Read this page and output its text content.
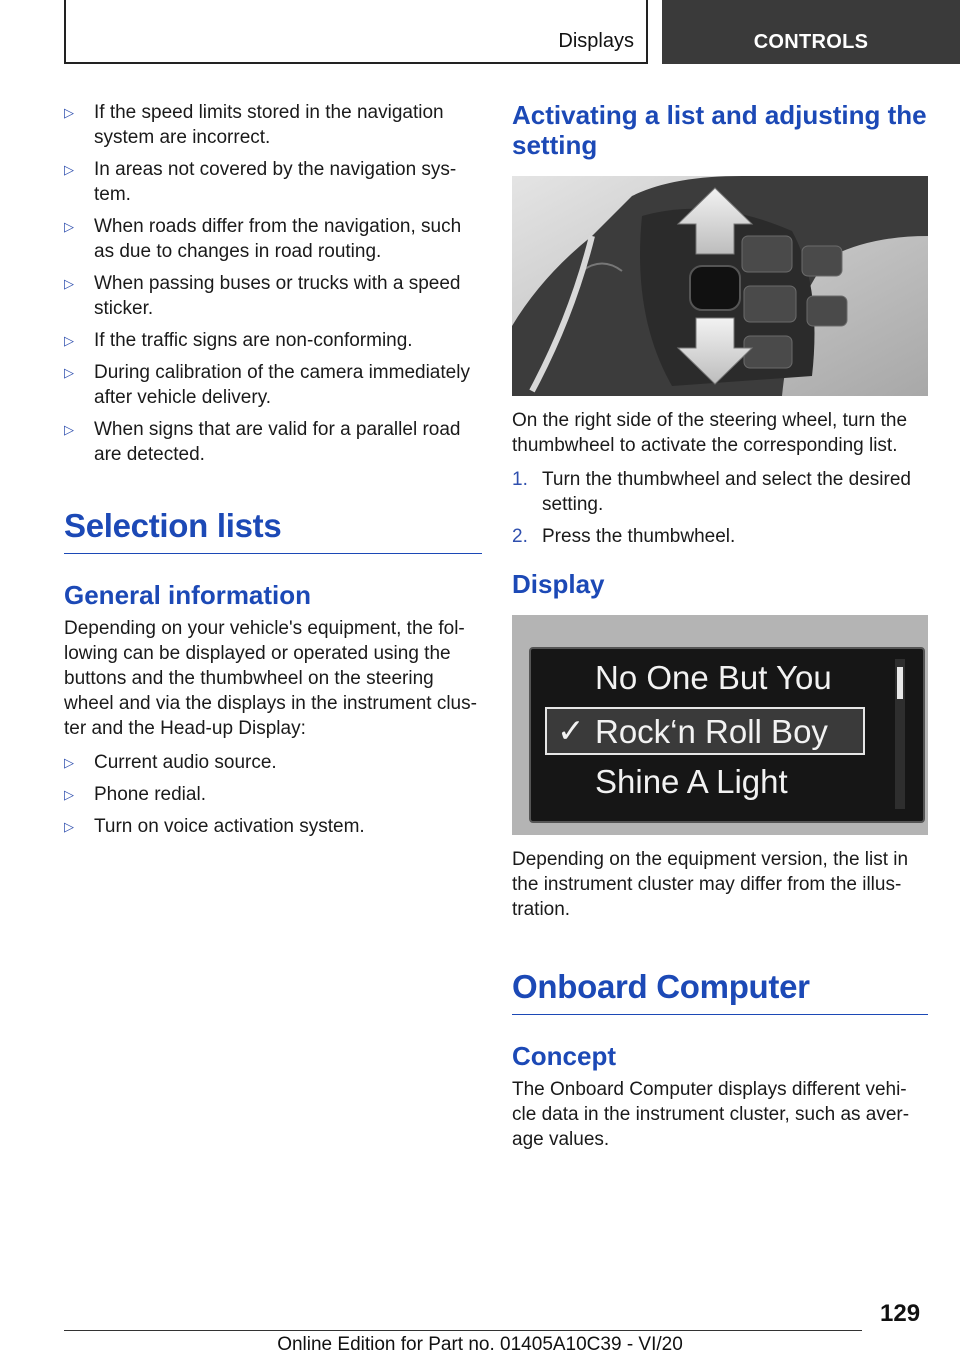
Displays	CONTROLS
▷ If the speed limits stored in the navigation system are incorrect.
▷ In areas not covered by the navigation sys‐tem.
▷ When roads differ from the navigation, such as due to changes in road routing.
▷ When passing buses or trucks with a speed sticker.
▷ If the traffic signs are non-conforming.
▷ During calibration of the camera immediately after vehicle delivery.
▷ When signs that are valid for a parallel road are detected.
Selection lists
General information

Depending on your vehicle's equipment, the fol‐lowing can be displayed or operated using the buttons and the thumbwheel on the steering wheel and via the displays in the instrument clus‐ter and the Head-up Display:

▷ Current audio source.
▷ Phone redial.
▷ Turn on voice activation system.
Activating a list and adjusting the setting

On the right side of the steering wheel, turn the thumbwheel to activate the corresponding list.

1. Turn the thumbwheel and select the desired setting.
2. Press the thumbwheel.
Display
No One But You
✓ Rock‘n Roll Boy
Shine A Light

Depending on the equipment version, the list in the instrument cluster may differ from the illus‐tration.

Onboard Computer
Concept

The Onboard Computer displays different vehi‐cle data in the instrument cluster, such as aver‐age values.

129
Online Edition for Part no. 01405A10C39 - VI/20
